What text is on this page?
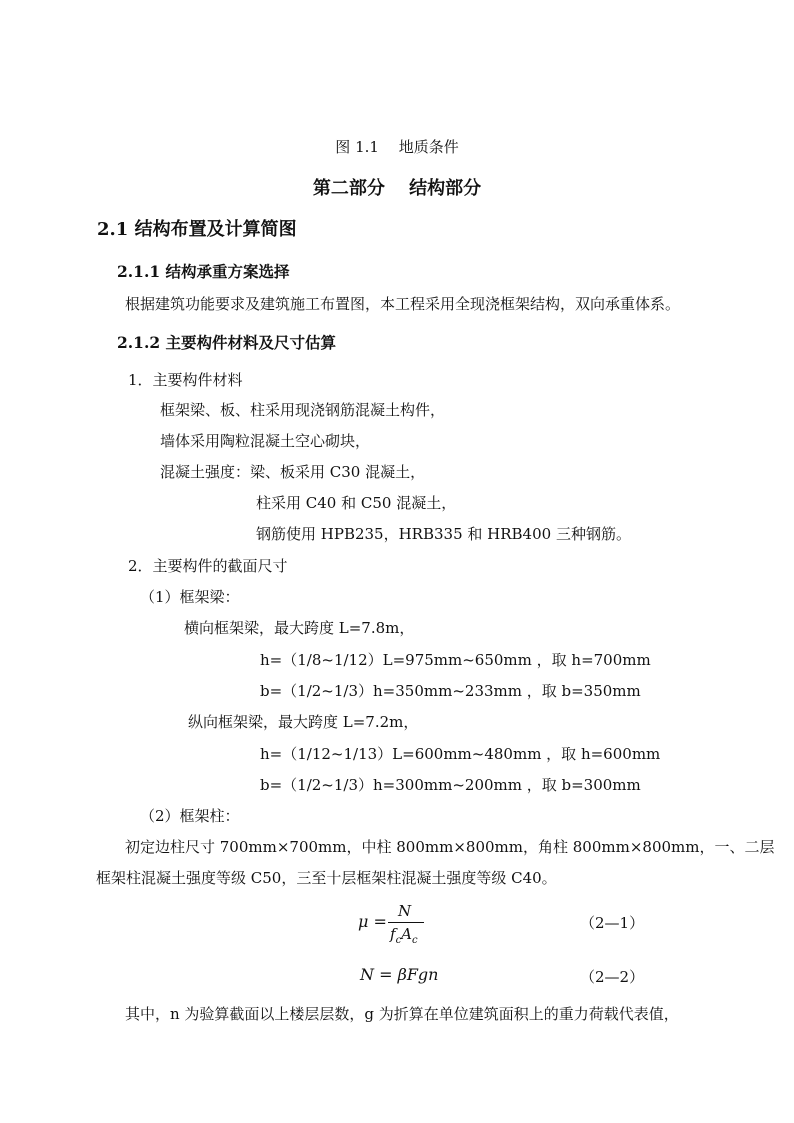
图 1.1　 地质条件
第二部分　 结构部分
2.1 结构布置及计算简图
2.1.1 结构承重方案选择
根据建筑功能要求及建筑施工布置图，本工程采用全现浇框架结构，双向承重体系。
2.1.2 主要构件材料及尺寸估算
1．主要构件材料
框架梁、板、柱采用现浇钢筋混凝土构件，
墙体采用陶粒混凝土空心砌块，
混凝土强度：梁、板采用 C30 混凝土，
柱采用 C40 和 C50 混凝土，
钢筋使用 HPB235，HRB335 和 HRB400 三种钢筋。
2．主要构件的截面尺寸
（1）框架梁：
横向框架梁，最大跨度 L=7.8m，
h=（1/8~1/12）L=975mm~650mm ，取 h=700mm
b=（1/2~1/3）h=350mm~233mm ，取 b=350mm
纵向框架梁，最大跨度 L=7.2m，
h=（1/12~1/13）L=600mm~480mm ，取 h=600mm
b=（1/2~1/3）h=300mm~200mm ，取 b=300mm
（2）框架柱：
初定边柱尺寸 700mm×700mm，中柱 800mm×800mm，角柱 800mm×800mm，一、二层
框架柱混凝土强度等级 C50，三至十层框架柱混凝土强度等级 C40。
μ =
N
$f_cA_c$
（2—1）
N = βFgn	（2—2）
其中，n 为验算截面以上楼层层数，g 为折算在单位建筑面积上的重力荷载代表值，
